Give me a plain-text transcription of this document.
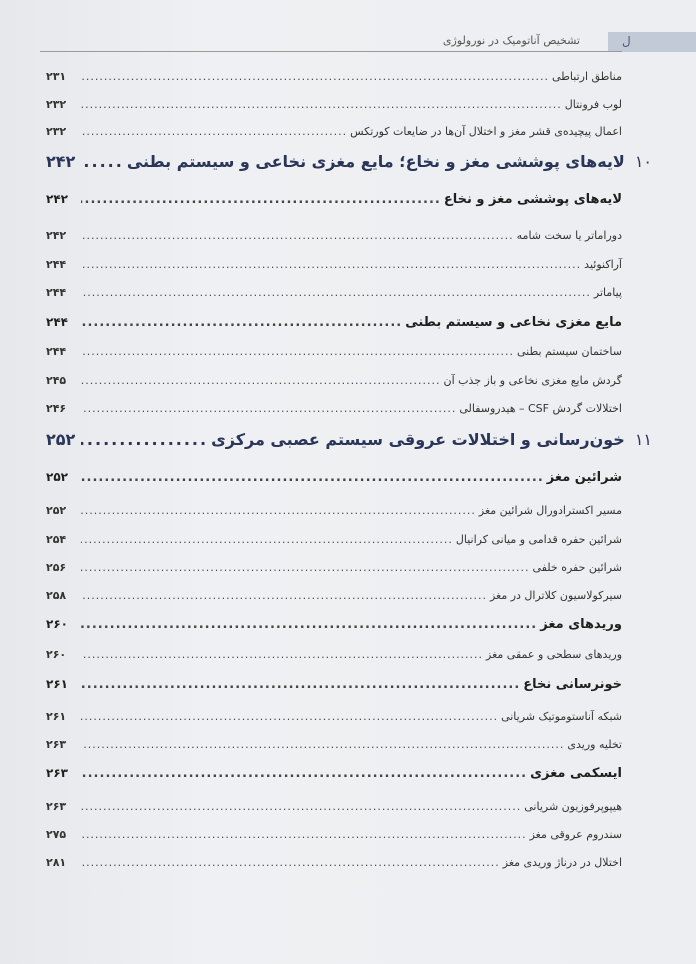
تشخیص آناتومیک در نورولوژی	ل
مناطق ارتباطی
.....
۲۳۱
لوب فرونتال
.....
۲۳۲
اعمال پیچیده‌ی قشر مغز و اختلال آن‌ها در ضایعات کورتکس
.....
۲۳۲
۱۰
لایه‌های پوششی مغز و نخاع؛ مایع مغزی نخاعی و سیستم بطنی
.....
۲۴۲
لایه‌های پوششی مغز و نخاع
.....
۲۴۲
دوراماتر یا سخت شامه
.....
۲۴۲
آراکنوئید
.....
۲۴۴
پیاماتر
.....
۲۴۴
مایع مغزی نخاعی و سیستم بطنی
.....
۲۴۴
ساختمان سیستم بطنی
.....
۲۴۴
گردش مایع مغزی نخاعی و باز جذب آن
.....
۲۴۵
اختلالات گردش CSF – هیدروسفالی
.....
۲۴۶
۱۱
خون‌رسانی و اختلالات عروقی سیستم عصبی مرکزی
.....
۲۵۲
شرائین مغز
.....
۲۵۲
مسیر اکسترادورال شرائین مغز
.....
۲۵۲
شرائین حفره قدامی و میانی کرانیال
.....
۲۵۴
شرائین حفره خلفی
.....
۲۵۶
سیرکولاسیون کلاترال در مغز
.....
۲۵۸
وریدهای مغز
.....
۲۶۰
وریدهای سطحی و عمقی مغز
.....
۲۶۰
خونرسانی نخاع
.....
۲۶۱
شبکه آناستوموتیک شریانی
.....
۲۶۱
تخلیه وریدی
.....
۲۶۳
ایسکمی مغزی
.....
۲۶۳
هیپوپرفوزیون شریانی
.....
۲۶۳
سندروم عروقی مغز
.....
۲۷۵
اختلال در درناژ وریدی مغز
.....
۲۸۱
